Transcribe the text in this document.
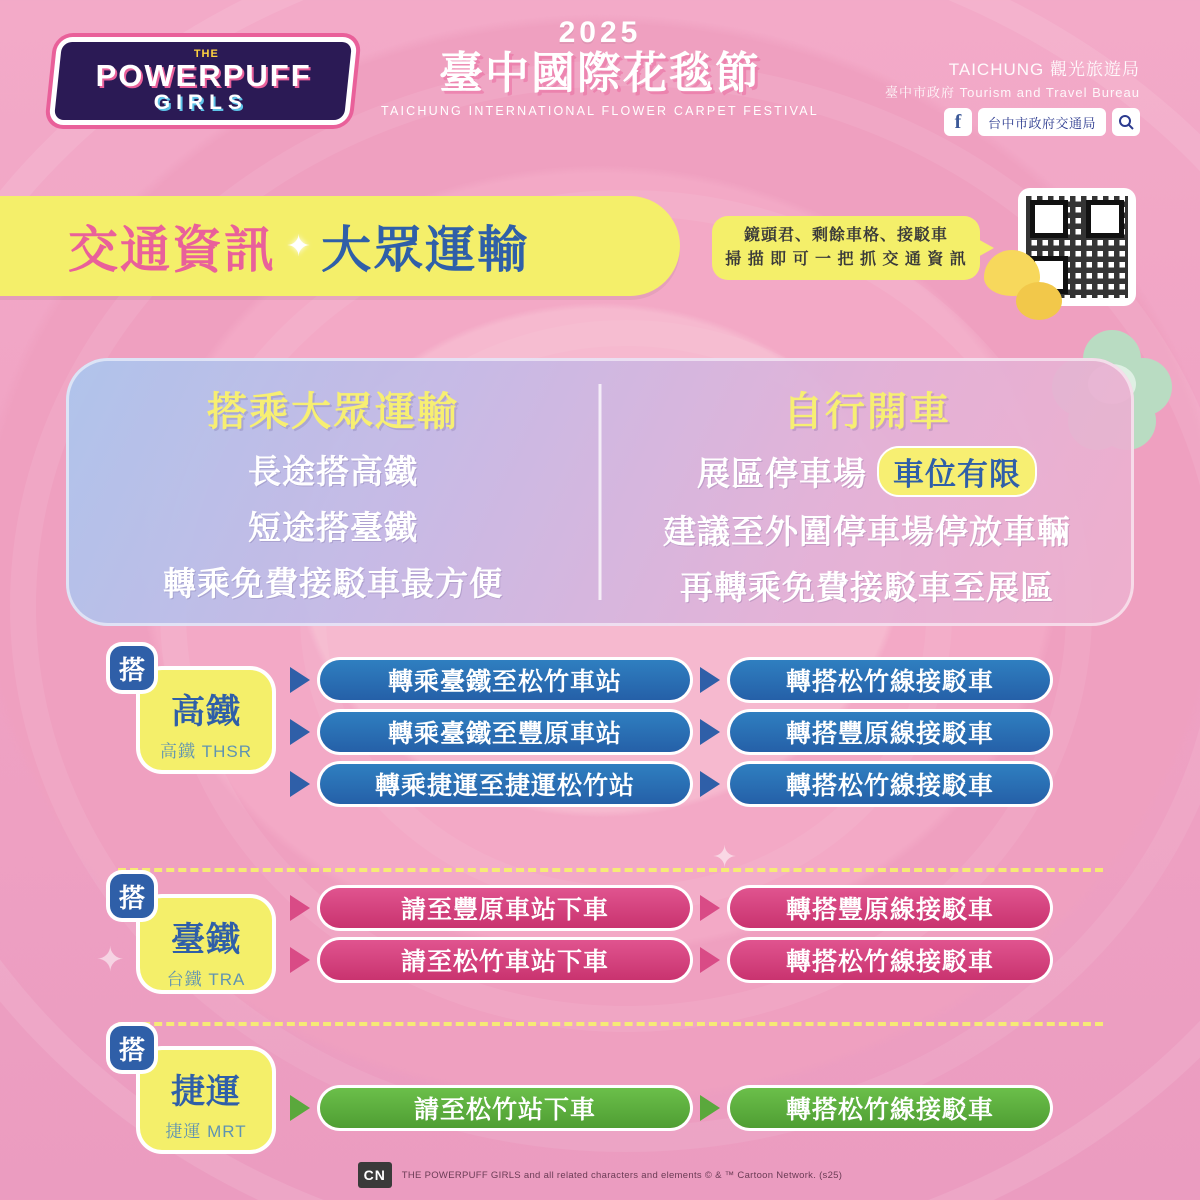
✦
✦
THE
POWERPUFF
GIRLS
2025
臺中國際花毯節
TAICHUNG INTERNATIONAL FLOWER CARPET FESTIVAL
TAICHUNG 觀光旅遊局
臺中市政府 Tourism and Travel Bureau
f	台中市政府交通局
交通資訊 ✦ 大眾運輸	鏡頭君、剩餘車格、接駁車
掃 描 即 可 一 把 抓 交 通 資 訊
搭乘大眾運輸
長途搭高鐵
短途搭臺鐵
轉乘免費接駁車最方便
自行開車
展區停車場 車位有限
建議至外圍停車場停放車輛
再轉乘免費接駁車至展區
搭
高鐵
高鐵 THSR
轉乘臺鐵至松竹車站	轉搭松竹線接駁車
轉乘臺鐵至豐原車站	轉搭豐原線接駁車
轉乘捷運至捷運松竹站	轉搭松竹線接駁車
搭
臺鐵
台鐵 TRA
請至豐原車站下車	轉搭豐原線接駁車
請至松竹車站下車	轉搭松竹線接駁車
搭
捷運
捷運 MRT
請至松竹站下車	轉搭松竹線接駁車
CN	THE POWERPUFF GIRLS and all related characters and elements © & ™ Cartoon Network. (s25)
